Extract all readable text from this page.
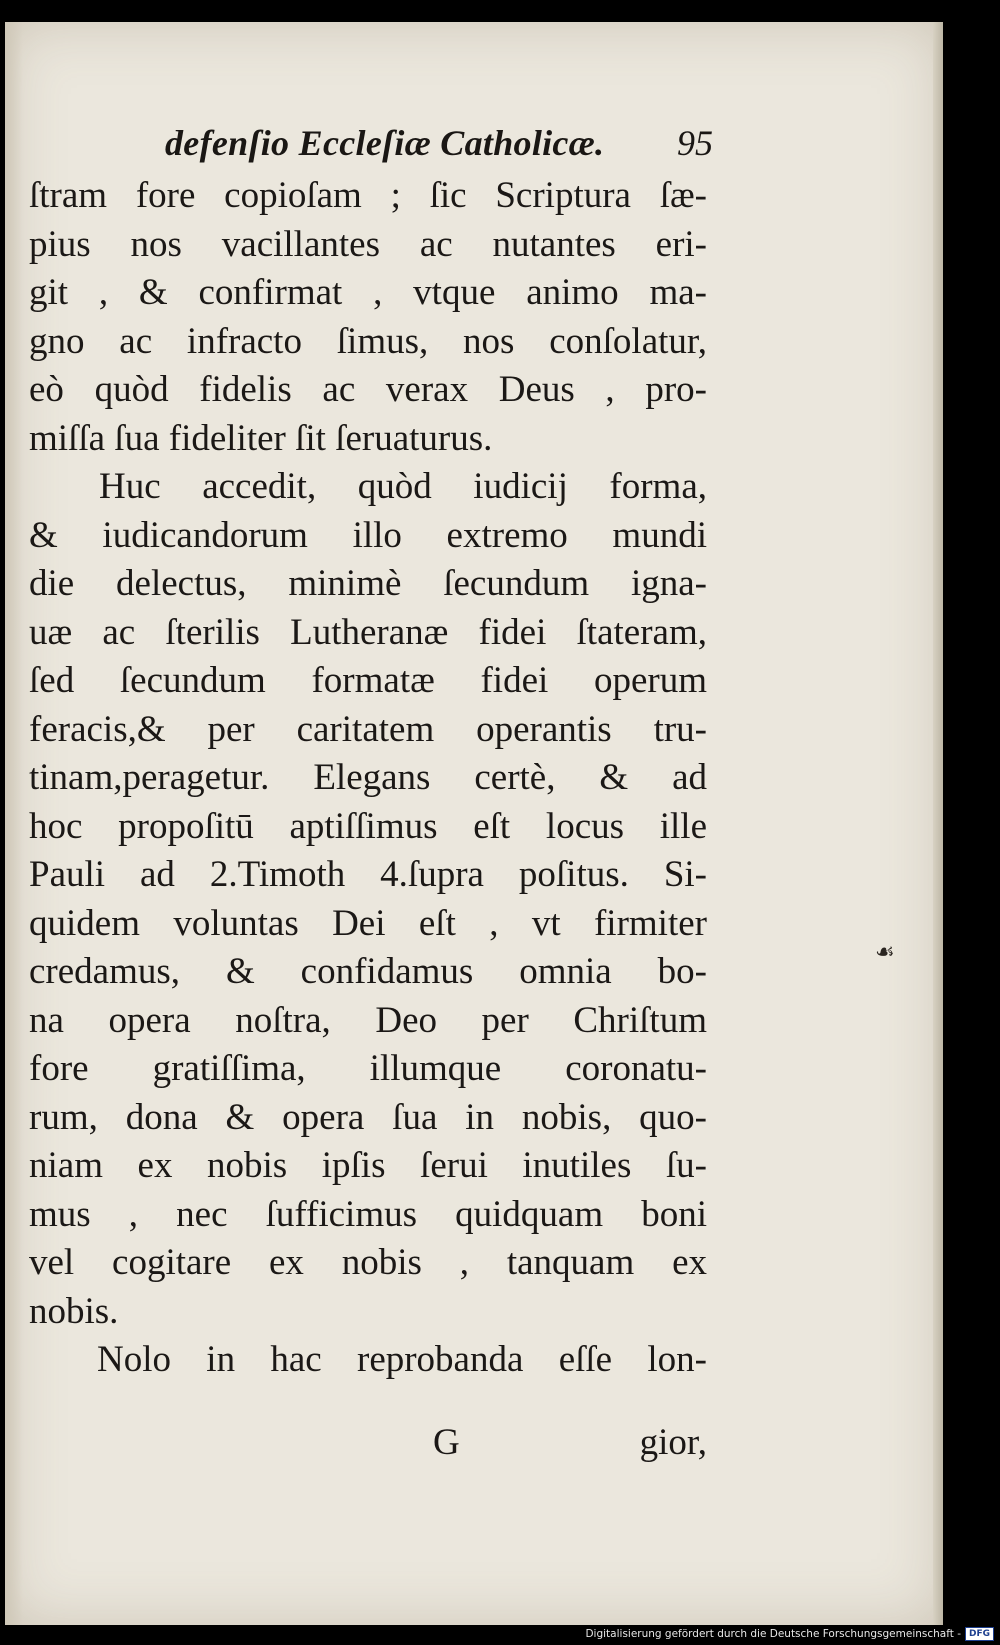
defenſio Eccleſiæ Catholicæ. 95
ſtram fore copioſam ; ſic Scriptura ſæ-
pius nos vacillantes ac nutantes eri-
git , & confirmat , vtque animo ma-
gno ac infracto ſimus, nos conſolatur,
eò quòd fidelis ac verax Deus , pro-
miſſa ſua fideliter ſit ſeruaturus.
Huc accedit, quòd iudicij forma,
& iudicandorum illo extremo mundi
die delectus, minimè ſecundum igna-
uæ ac ſterilis Lutheranæ fidei ſtateram,
ſed ſecundum formatæ fidei operum
feracis,& per caritatem operantis tru-
tinam,peragetur. Elegans certè, & ad
hoc propoſitū aptiſſimus eſt locus ille
Pauli ad 2.Timoth 4.ſupra poſitus. Si-
quidem voluntas Dei eſt , vt firmiter
credamus, & confidamus omnia bo-
na opera noſtra, Deo per Chriſtum
fore gratiſſima, illumque coronatu-
rum, dona & opera ſua in nobis, quo-
niam ex nobis ipſis ſerui inutiles ſu-
mus , nec ſufficimus quidquam boni
vel cogitare ex nobis , tanquam ex
nobis.
Nolo in hac reprobanda eſſe lon-
G	gior,
☙
Digitalisierung gefördert durch die Deutsche Forschungsgemeinschaft - DFG
